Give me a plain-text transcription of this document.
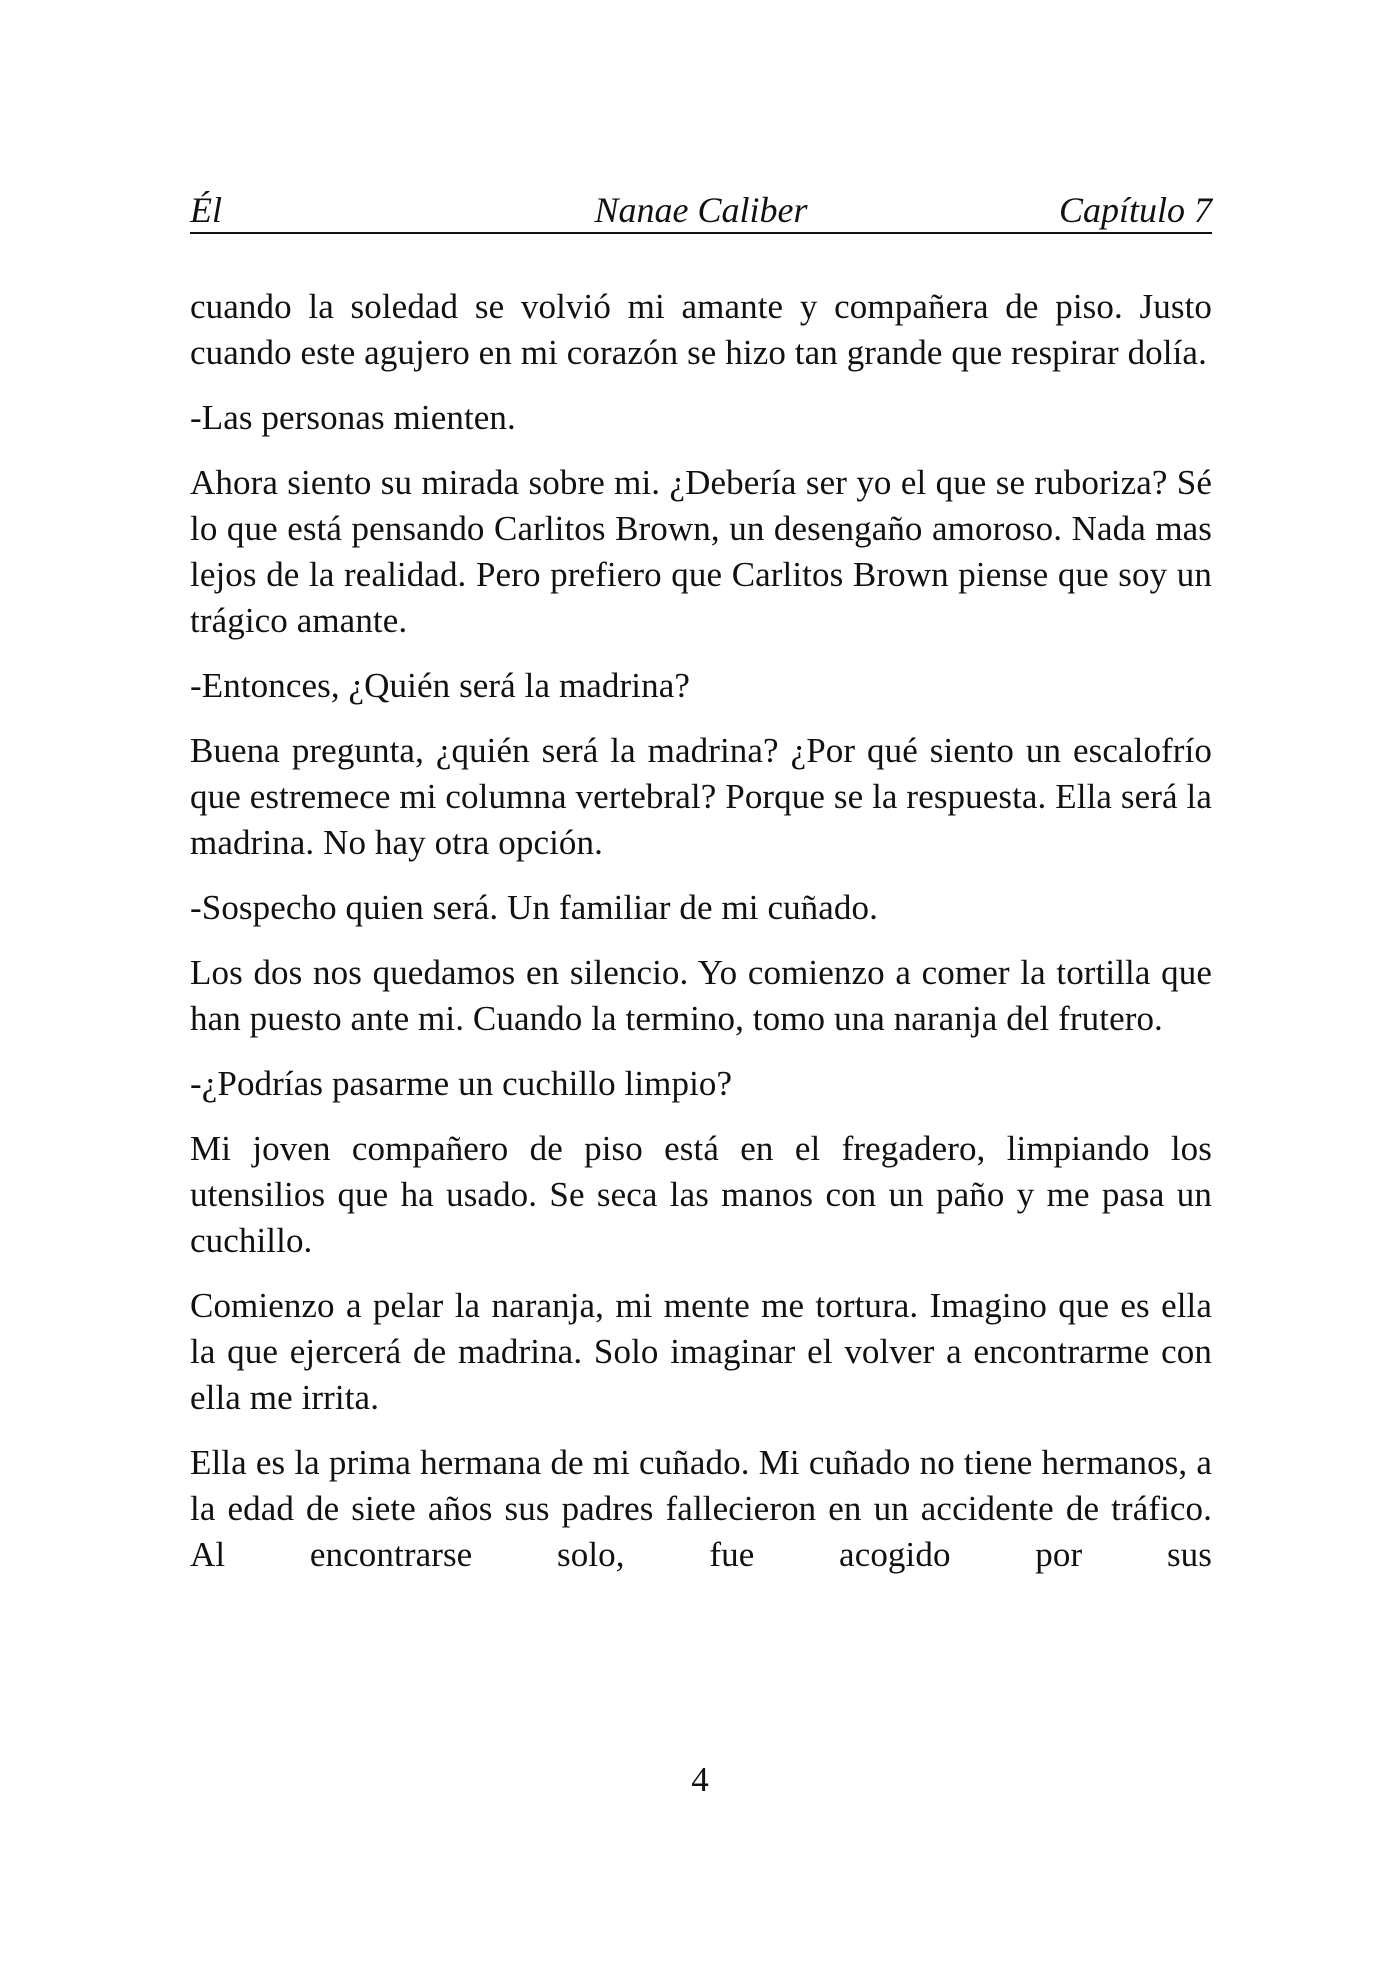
Él	Nanae Caliber	Capítulo 7

cuando la soledad se volvió mi amante y compañera de piso. Justo cuando este agujero en mi corazón se hizo tan grande que respirar dolía.

-Las personas mienten.

Ahora siento su mirada sobre mi. ¿Debería ser yo el que se ruboriza? Sé lo que está pensando Carlitos Brown, un desengaño amoroso. Nada mas lejos de la realidad. Pero prefiero que Carlitos Brown piense que soy un trágico amante.

-Entonces, ¿Quién será la madrina?

Buena pregunta, ¿quién será la madrina? ¿Por qué siento un escalofrío que estremece mi columna vertebral? Porque se la respuesta. Ella será la madrina. No hay otra opción.

-Sospecho quien será. Un familiar de mi cuñado.

Los dos nos quedamos en silencio. Yo comienzo a comer la tortilla que han puesto ante mi. Cuando la termino, tomo una naranja del frutero.

-¿Podrías pasarme un cuchillo limpio?

Mi joven compañero de piso está en el fregadero, limpiando los utensilios que ha usado. Se seca las manos con un paño y me pasa un cuchillo.

Comienzo a pelar la naranja, mi mente me tortura. Imagino que es ella la que ejercerá de madrina. Solo imaginar el volver a encontrarme con ella me irrita.

Ella es la prima hermana de mi cuñado. Mi cuñado no tiene hermanos, a la edad de siete años sus padres fallecieron en un accidente de tráfico. Al encontrarse solo, fue acogido por sus

4
